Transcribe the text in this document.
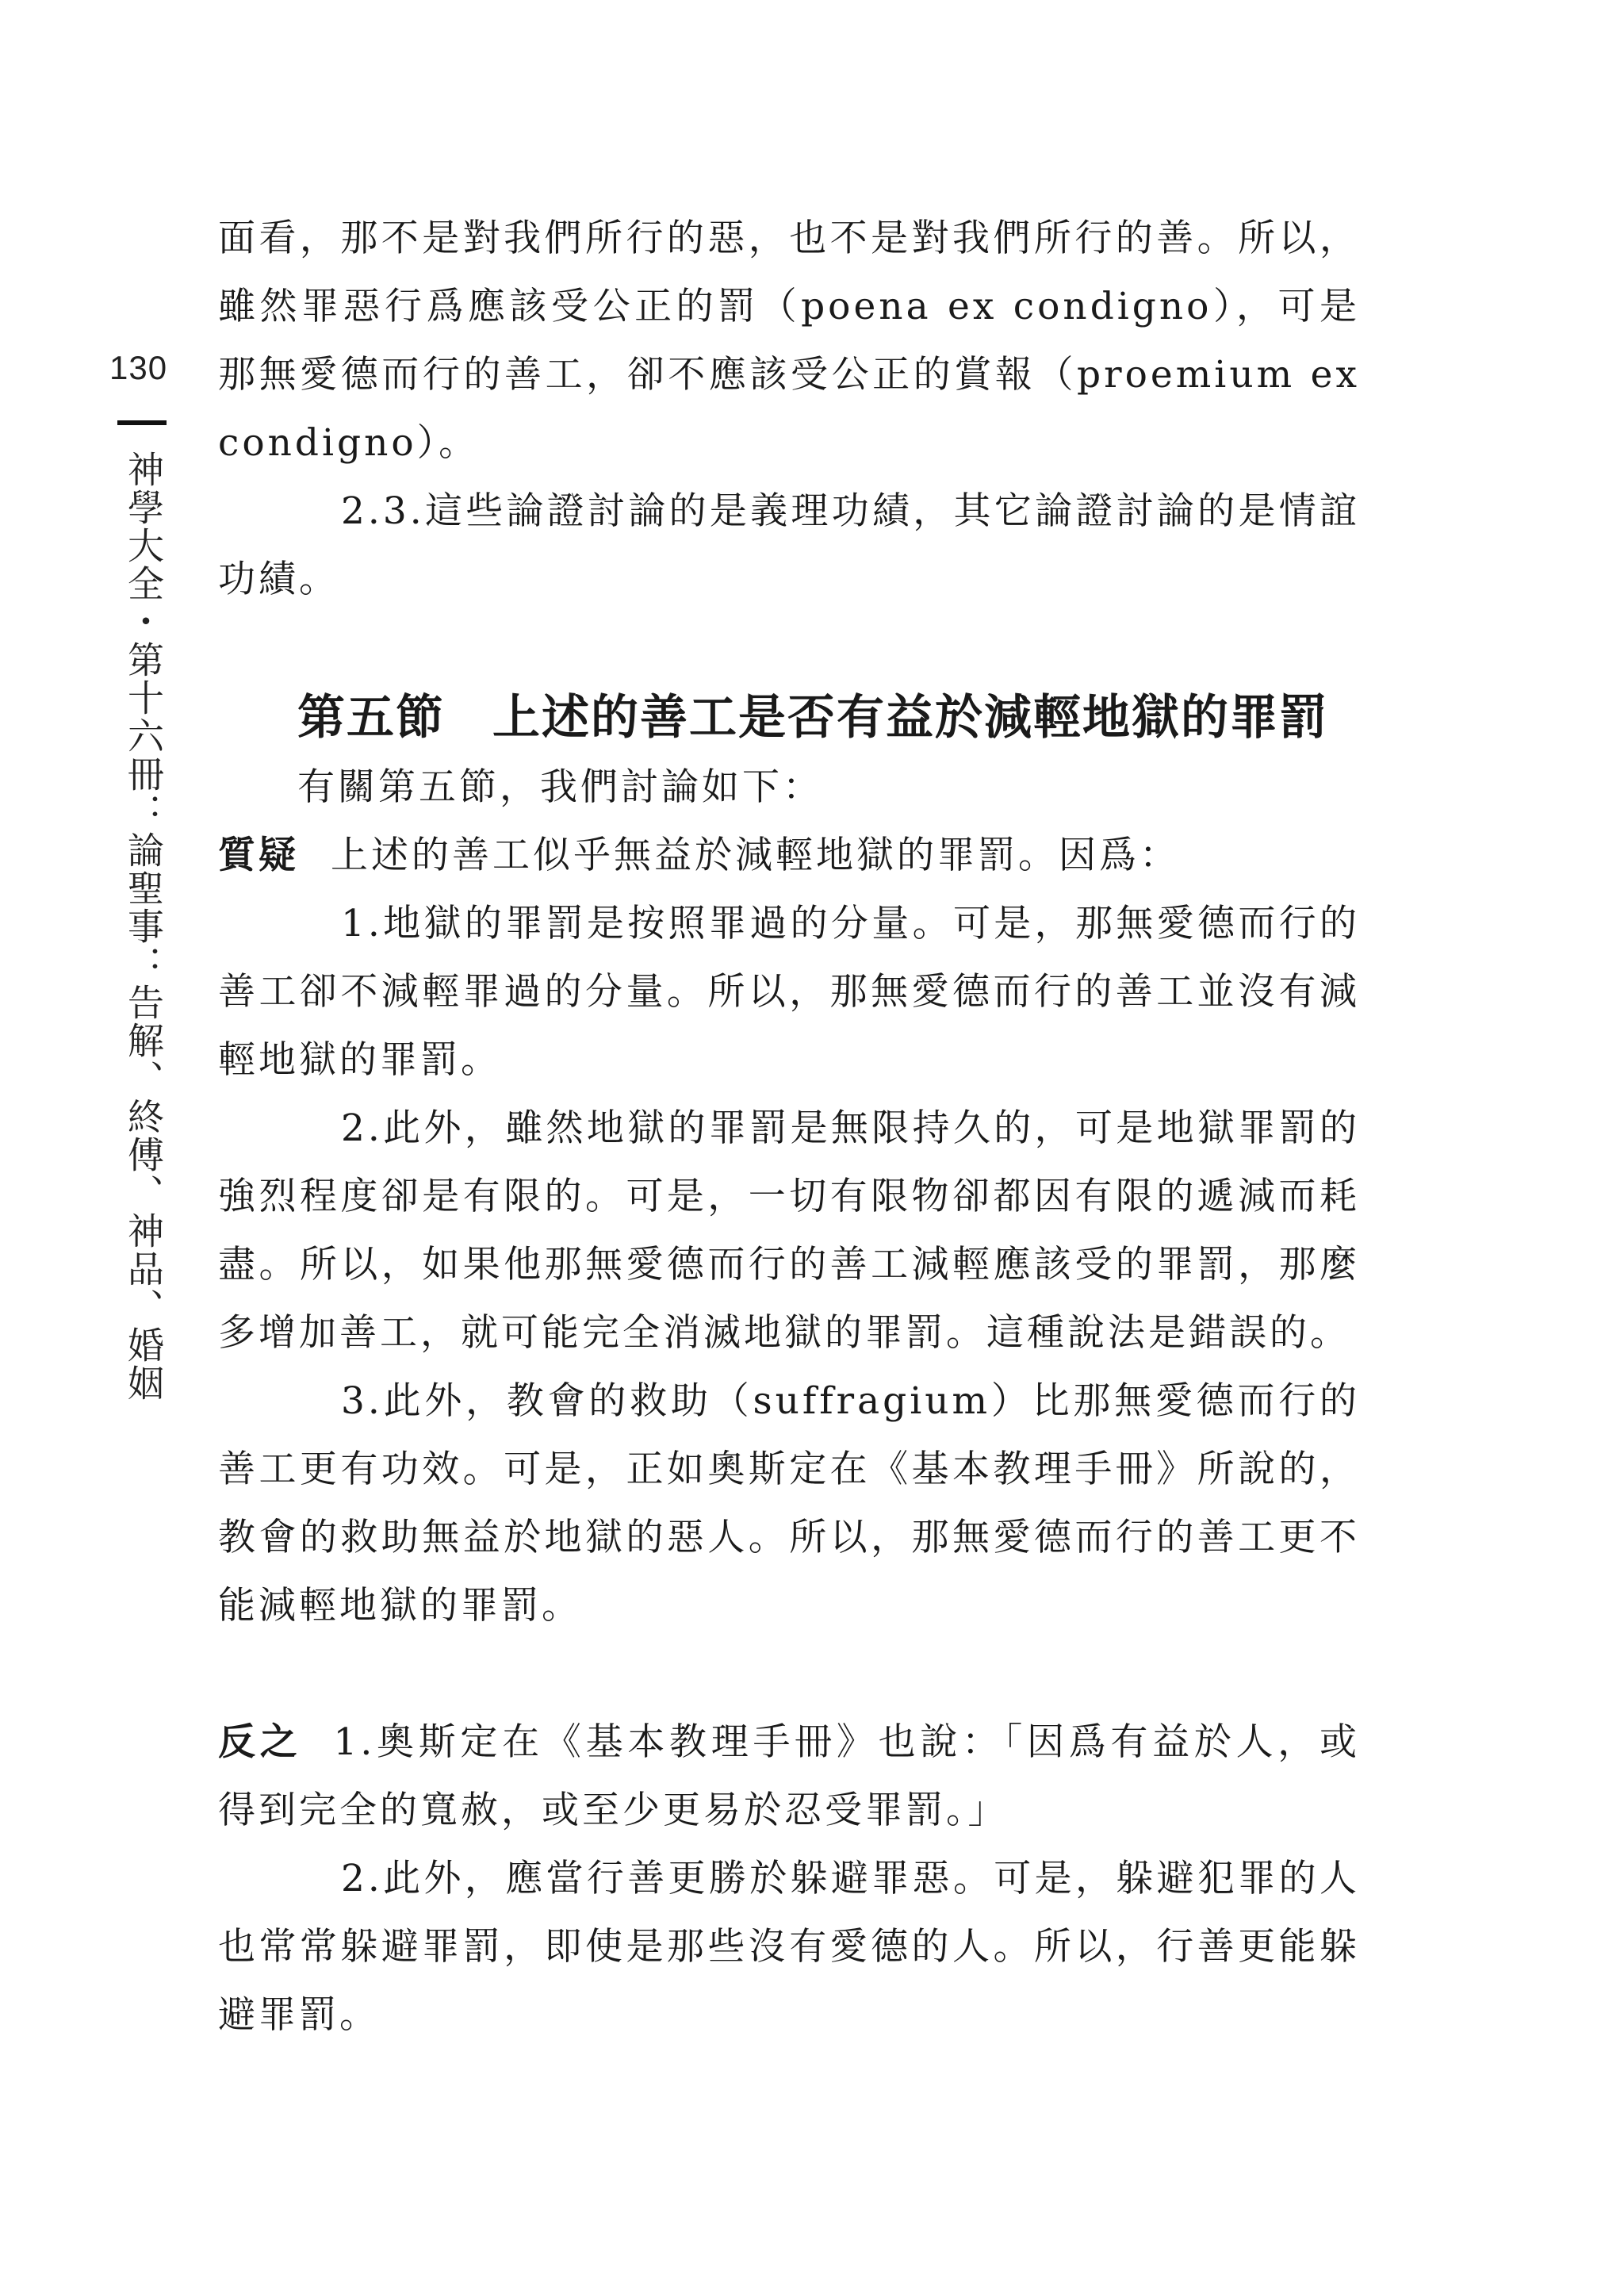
130
神學大全・第十六冊：論聖事：告解、終傅、神品、婚姻

面看，那不是對我們所行的惡，也不是對我們所行的善。所以，雖然罪惡行爲應該受公正的罰（poena ex condigno），可是那無愛德而行的善工，卻不應該受公正的賞報（proemium ex condigno）。

2.3.這些論證討論的是義理功績，其它論證討論的是情誼功績。

第五節 上述的善工是否有益於減輕地獄的罪罰

有關第五節，我們討論如下：

質疑 上述的善工似乎無益於減輕地獄的罪罰。因爲：

1.地獄的罪罰是按照罪過的分量。可是，那無愛德而行的善工卻不減輕罪過的分量。所以，那無愛德而行的善工並沒有減輕地獄的罪罰。

2.此外，雖然地獄的罪罰是無限持久的，可是地獄罪罰的強烈程度卻是有限的。可是，一切有限物卻都因有限的遞減而耗盡。所以，如果他那無愛德而行的善工減輕應該受的罪罰，那麼多增加善工，就可能完全消滅地獄的罪罰。這種說法是錯誤的。

3.此外，教會的救助（suffragium）比那無愛德而行的善工更有功效。可是，正如奧斯定在《基本教理手冊》所說的，教會的救助無益於地獄的惡人。所以，那無愛德而行的善工更不能減輕地獄的罪罰。

反之 1.奧斯定在《基本教理手冊》也說：「因爲有益於人，或得到完全的寬赦，或至少更易於忍受罪罰。」

2.此外，應當行善更勝於躲避罪惡。可是，躲避犯罪的人也常常躲避罪罰，即使是那些沒有愛德的人。所以，行善更能躲避罪罰。
